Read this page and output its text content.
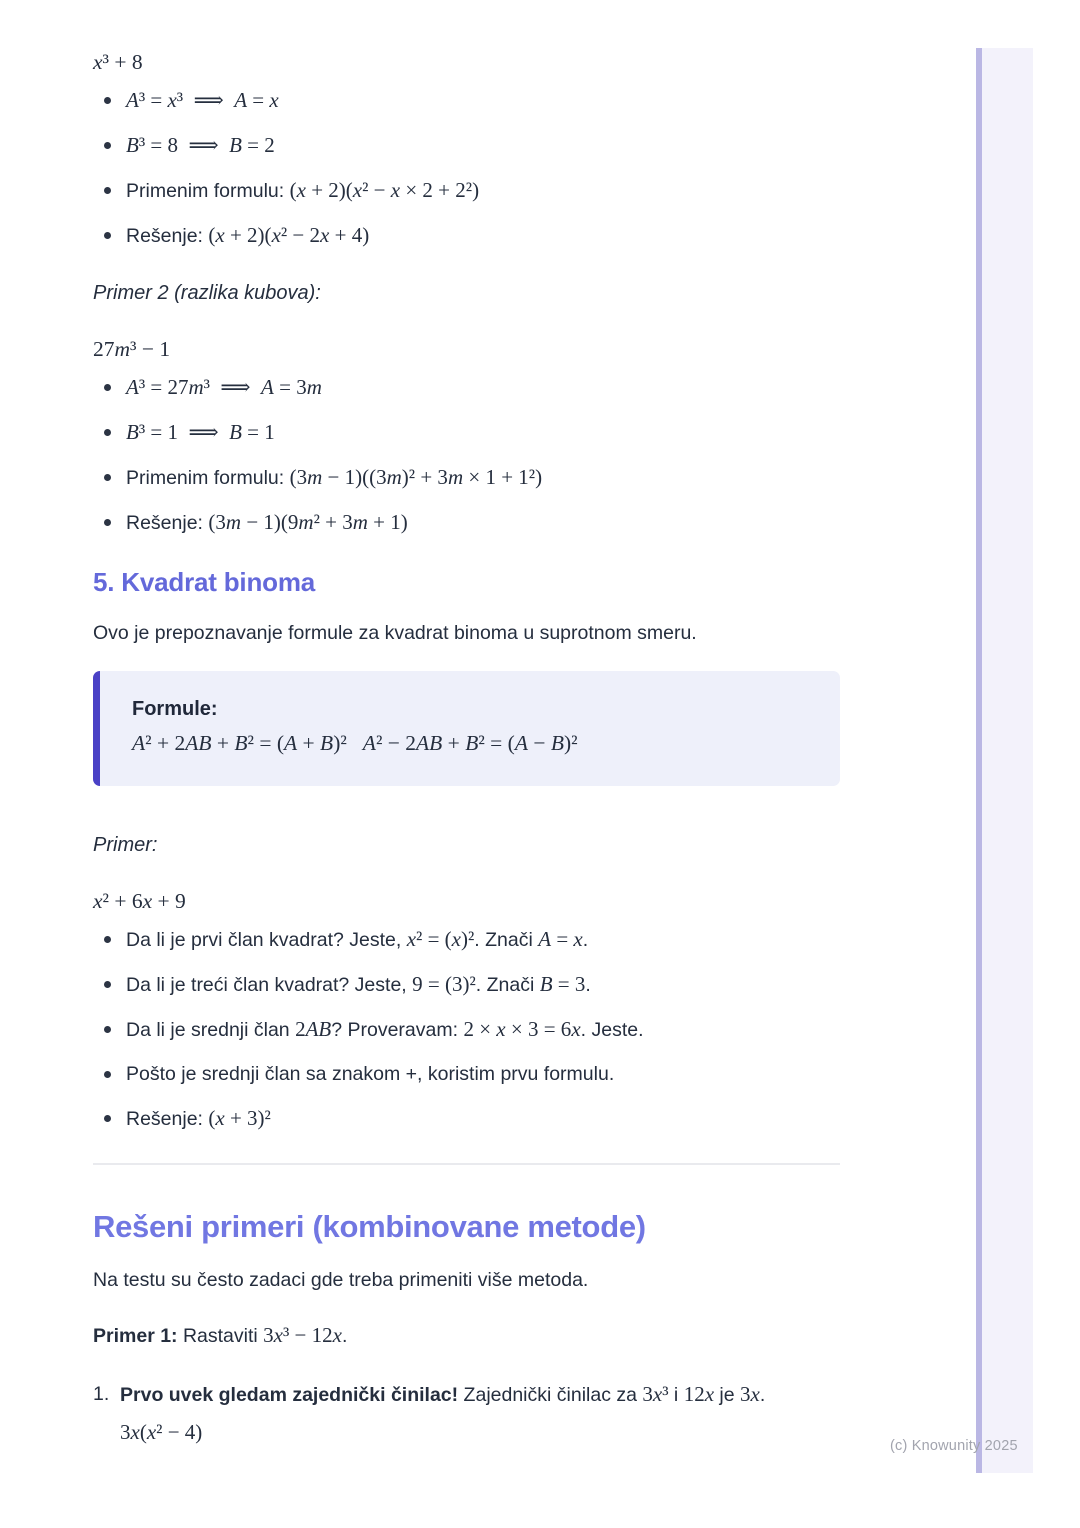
x³ + 8
A³ = x³  ⟹  A = x
B³ = 8  ⟹  B = 2
Primenim formulu: (x + 2)(x² − x × 2 + 2²)
Rešenje: (x + 2)(x² − 2x + 4)

Primer 2 (razlika kubova):

27m³ − 1
A³ = 27m³  ⟹  A = 3m
B³ = 1  ⟹  B = 1
Primenim formulu: (3m − 1)((3m)² + 3m × 1 + 1²)
Rešenje: (3m − 1)(9m² + 3m + 1)
5. Kvadrat binoma

Ovo je prepoznavanje formule za kvadrat binoma u suprotnom smeru.

Formule:
A² + 2AB + B² = (A + B)² A² − 2AB + B² = (A − B)²

Primer:

x² + 6x + 9
Da li je prvi član kvadrat? Jeste, x² = (x)². Znači A = x.
Da li je treći član kvadrat? Jeste, 9 = (3)². Znači B = 3.
Da li je srednji član 2AB? Proveravam: 2 × x × 3 = 6x. Jeste.
Pošto je srednji član sa znakom +, koristim prvu formulu.
Rešenje: (x + 3)²
Rešeni primeri (kombinovane metode)

Na testu su često zadaci gde treba primeniti više metoda.

Primer 1: Rastaviti 3x³ − 12x.

1. Prvo uvek gledam zajednički činilac! Zajednički činilac za 3x³ i 12x je 3x.
3x(x² − 4)
(c) Knowunity 2025
